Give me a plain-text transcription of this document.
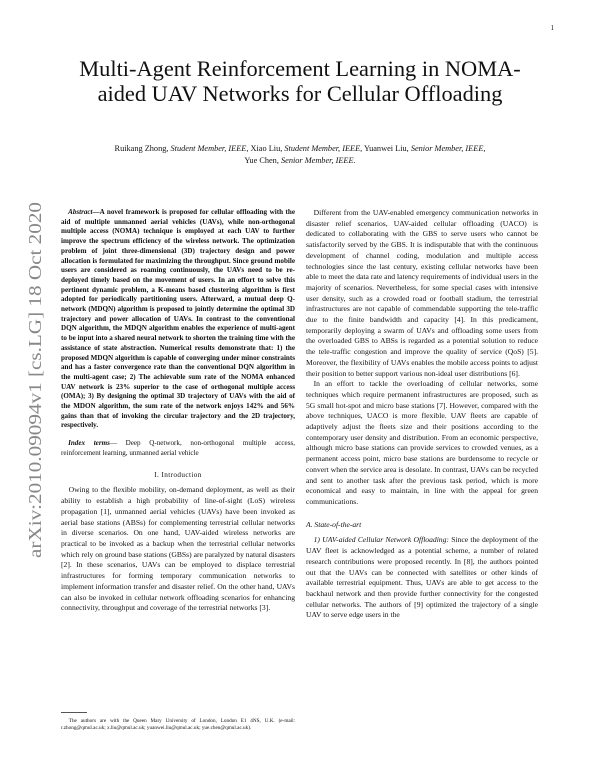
1
arXiv:2010.09094v1 [cs.LG] 18 Oct 2020
Multi-Agent Reinforcement Learning in NOMA-aided UAV Networks for Cellular Offloading
Ruikang Zhong, Student Member, IEEE, Xiao Liu, Student Member, IEEE, Yuanwei Liu, Senior Member, IEEE,
Yue Chen, Senior Member, IEEE.

Abstract—A novel framework is proposed for cellular offloading with the aid of multiple unmanned aerial vehicles (UAVs), while non-orthogonal multiple access (NOMA) technique is employed at each UAV to further improve the spectrum efficiency of the wireless network. The optimization problem of joint three-dimensional (3D) trajectory design and power allocation is formulated for maximizing the throughput. Since ground mobile users are considered as roaming continuously, the UAVs need to be re-deployed timely based on the movement of users. In an effort to solve this pertinent dynamic problem, a K-means based clustering algorithm is first adopted for periodically partitioning users. Afterward, a mutual deep Q-network (MDQN) algorithm is proposed to jointly determine the optimal 3D trajectory and power allocation of UAVs. In contrast to the conventional DQN algorithm, the MDQN algorithm enables the experience of multi-agent to be input into a shared neural network to shorten the training time with the assistance of state abstraction. Numerical results demonstrate that: 1) the proposed MDQN algorithm is capable of converging under minor constraints and has a faster convergence rate than the conventional DQN algorithm in the multi-agent case; 2) The achievable sum rate of the NOMA enhanced UAV network is 23% superior to the case of orthogonal multiple access (OMA); 3) By designing the optimal 3D trajectory of UAVs with the aid of the MDON algorithm, the sum rate of the network enjoys 142% and 56% gains than that of invoking the circular trajectory and the 2D trajectory, respectively.

Index terms— Deep Q-network, non-orthogonal multiple access, reinforcement learning, unmanned aerial vehicle

I. Introduction

Owing to the flexible mobility, on-demand deployment, as well as their ability to establish a high probability of line-of-sight (LoS) wireless propagation [1], unmanned aerial vehicles (UAVs) have been invoked as aerial base stations (ABSs) for complementing terrestrial cellular networks in diverse scenarios. On one hand, UAV-aided wireless networks are practical to be invoked as a backup when the terrestrial cellular networks which rely on ground base stations (GBSs) are paralyzed by natural disasters [2]. In these scenarios, UAVs can be employed to displace terrestrial infrastructures for forming temporary communication networks to implement information transfer and disaster relief. On the other hand, UAVs can also be invoked in cellular network offloading scenarios for enhancing connectivity, throughput and coverage of the terrestrial networks [3].

The authors are with the Queen Mary University of London, London E1 4NS, U.K. (e-mail: r.zhong@qmul.ac.uk; x.liu@qmul.ac.uk; yuanwei.liu@qmul.ac.uk; yue.chen@qmul.ac.uk).

Different from the UAV-enabled emergency communication networks in disaster relief scenarios, UAV-aided cellular offloading (UACO) is dedicated to collaborating with the GBS to serve users who cannot be satisfactorily served by the GBS. It is indisputable that with the continuous development of channel coding, modulation and multiple access technologies since the last century, existing cellular networks have been able to meet the data rate and latency requirements of individual users in the majority of scenarios. Nevertheless, for some special cases with intensive user density, such as a crowded road or football stadium, the terrestrial infrastructures are not capable of commendable supporting the tele-traffic due to the finite bandwidth and capacity [4]. In this predicament, temporarily deploying a swarm of UAVs and offloading some users from the overloaded GBS to ABSs is regarded as a potential solution to reduce the tele-traffic congestion and improve the quality of service (QoS) [5]. Moreover, the flexibility of UAVs enables the mobile access points to adjust their position to better support various non-ideal user distributions [6].

In an effort to tackle the overloading of cellular networks, some techniques which require permanent infrastructures are proposed, such as 5G small hot-spot and micro base stations [7]. However, compared with the above techniques, UACO is more flexible. UAV fleets are capable of adaptively adjust the fleets size and their positions according to the contemporary user density and distribution. From an economic perspective, although micro base stations can provide services to crowded venues, as a permanent access point, micro base stations are burdensome to recycle or convert when the service area is desolate. In contrast, UAVs can be recycled and sent to another task after the previous task period, which is more economical and easy to maintain, in line with the appeal for green communications.

A. State-of-the-art

1) UAV-aided Cellular Network Offloading: Since the deployment of the UAV fleet is acknowledged as a potential scheme, a number of related research contributions were proposed recently. In [8], the authors pointed out that the UAVs can be connected with satellites or other kinds of available terrestrial equipment. Thus, UAVs are able to get access to the backhaul network and then provide further connectivity for the congested cellular networks. The authors of [9] optimized the trajectory of a single UAV to serve edge users in the
